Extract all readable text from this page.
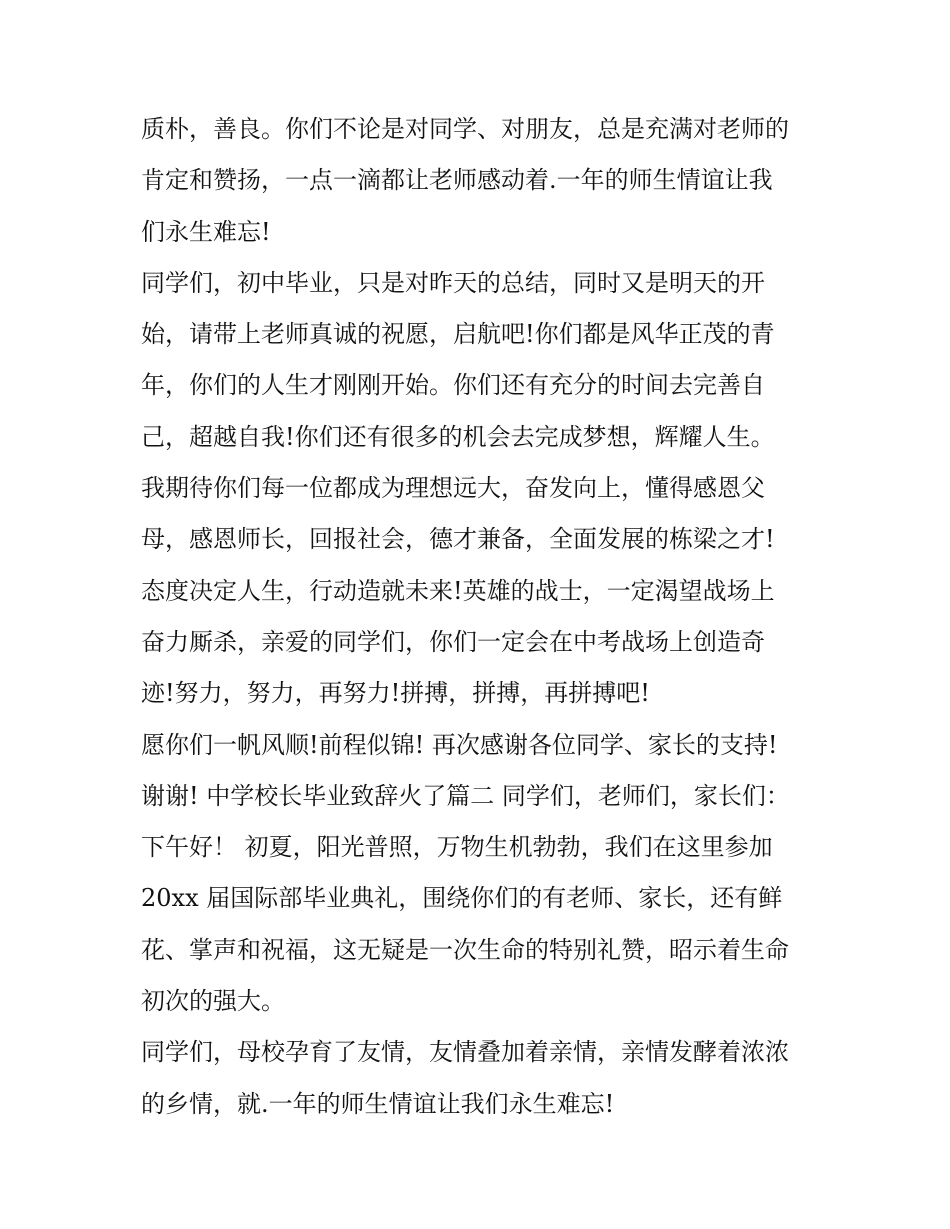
质朴，善良。你们不论是对同学、对朋友，总是充满对老师的
肯定和赞扬，一点一滴都让老师感动着.一年的师生情谊让我
们永生难忘!
同学们，初中毕业，只是对昨天的总结，同时又是明天的开
始，请带上老师真诚的祝愿，启航吧!你们都是风华正茂的青
年，你们的人生才刚刚开始。你们还有充分的时间去完善自
己，超越自我!你们还有很多的机会去完成梦想，辉耀人生。
我期待你们每一位都成为理想远大，奋发向上，懂得感恩父
母，感恩师长，回报社会，德才兼备，全面发展的栋梁之才!
态度决定人生，行动造就未来!英雄的战士，一定渴望战场上
奋力厮杀，亲爱的同学们，你们一定会在中考战场上创造奇
迹!努力，努力，再努力!拼搏，拼搏，再拼搏吧!
愿你们一帆风顺!前程似锦! 再次感谢各位同学、家长的支持!
谢谢! 中学校长毕业致辞火了篇二 同学们，老师们，家长们：
下午好！ 初夏，阳光普照，万物生机勃勃，我们在这里参加
20xx 届国际部毕业典礼，围绕你们的有老师、家长，还有鲜
花、掌声和祝福，这无疑是一次生命的特别礼赞，昭示着生命
初次的强大。
同学们，母校孕育了友情，友情叠加着亲情，亲情发酵着浓浓
的乡情，就.一年的师生情谊让我们永生难忘!
